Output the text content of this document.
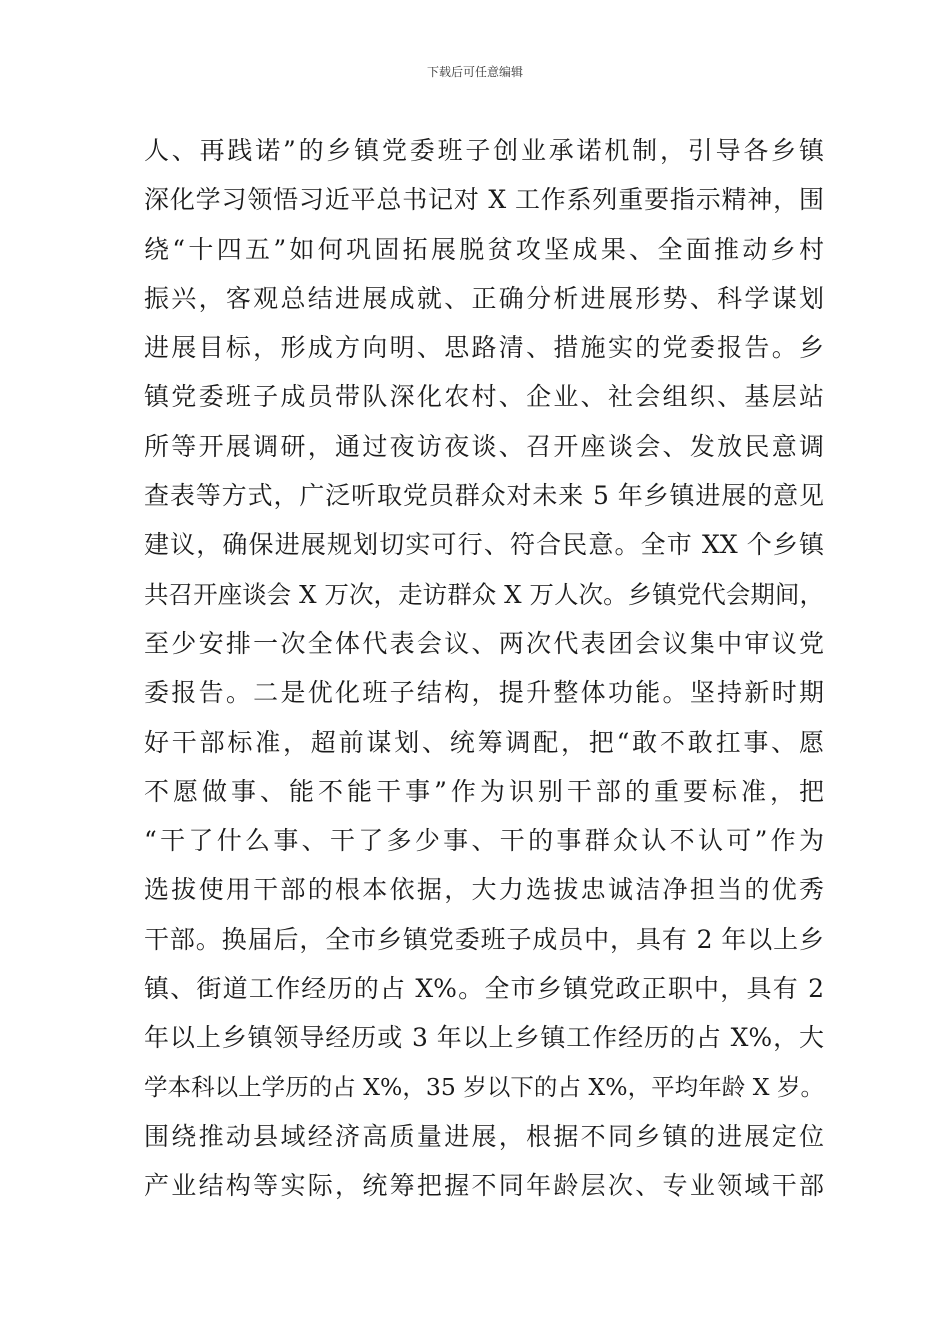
下载后可任意编辑
人、再践诺”的乡镇党委班子创业承诺机制，引导各乡镇
深化学习领悟习近平总书记对 X 工作系列重要指示精神，围
绕“十四五”如何巩固拓展脱贫攻坚成果、全面推动乡村
振兴，客观总结进展成就、正确分析进展形势、科学谋划
进展目标，形成方向明、思路清、措施实的党委报告。乡
镇党委班子成员带队深化农村、企业、社会组织、基层站
所等开展调研，通过夜访夜谈、召开座谈会、发放民意调
查表等方式，广泛听取党员群众对未来 5 年乡镇进展的意见
建议，确保进展规划切实可行、符合民意。全市 XX 个乡镇
共召开座谈会 X 万次，走访群众 X 万人次。乡镇党代会期间，
至少安排一次全体代表会议、两次代表团会议集中审议党
委报告。二是优化班子结构，提升整体功能。坚持新时期
好干部标准，超前谋划、统筹调配，把“敢不敢扛事、愿
不愿做事、能不能干事”作为识别干部的重要标准，把
“干了什么事、干了多少事、干的事群众认不认可”作为
选拔使用干部的根本依据，大力选拔忠诚洁净担当的优秀
干部。换届后，全市乡镇党委班子成员中，具有 2 年以上乡
镇、街道工作经历的占 X%。全市乡镇党政正职中，具有 2
年以上乡镇领导经历或 3 年以上乡镇工作经历的占 X%，大
学本科以上学历的占 X%，35 岁以下的占 X%，平均年龄 X 岁。
围绕推动县域经济高质量进展，根据不同乡镇的进展定位
产业结构等实际，统筹把握不同年龄层次、专业领域干部
